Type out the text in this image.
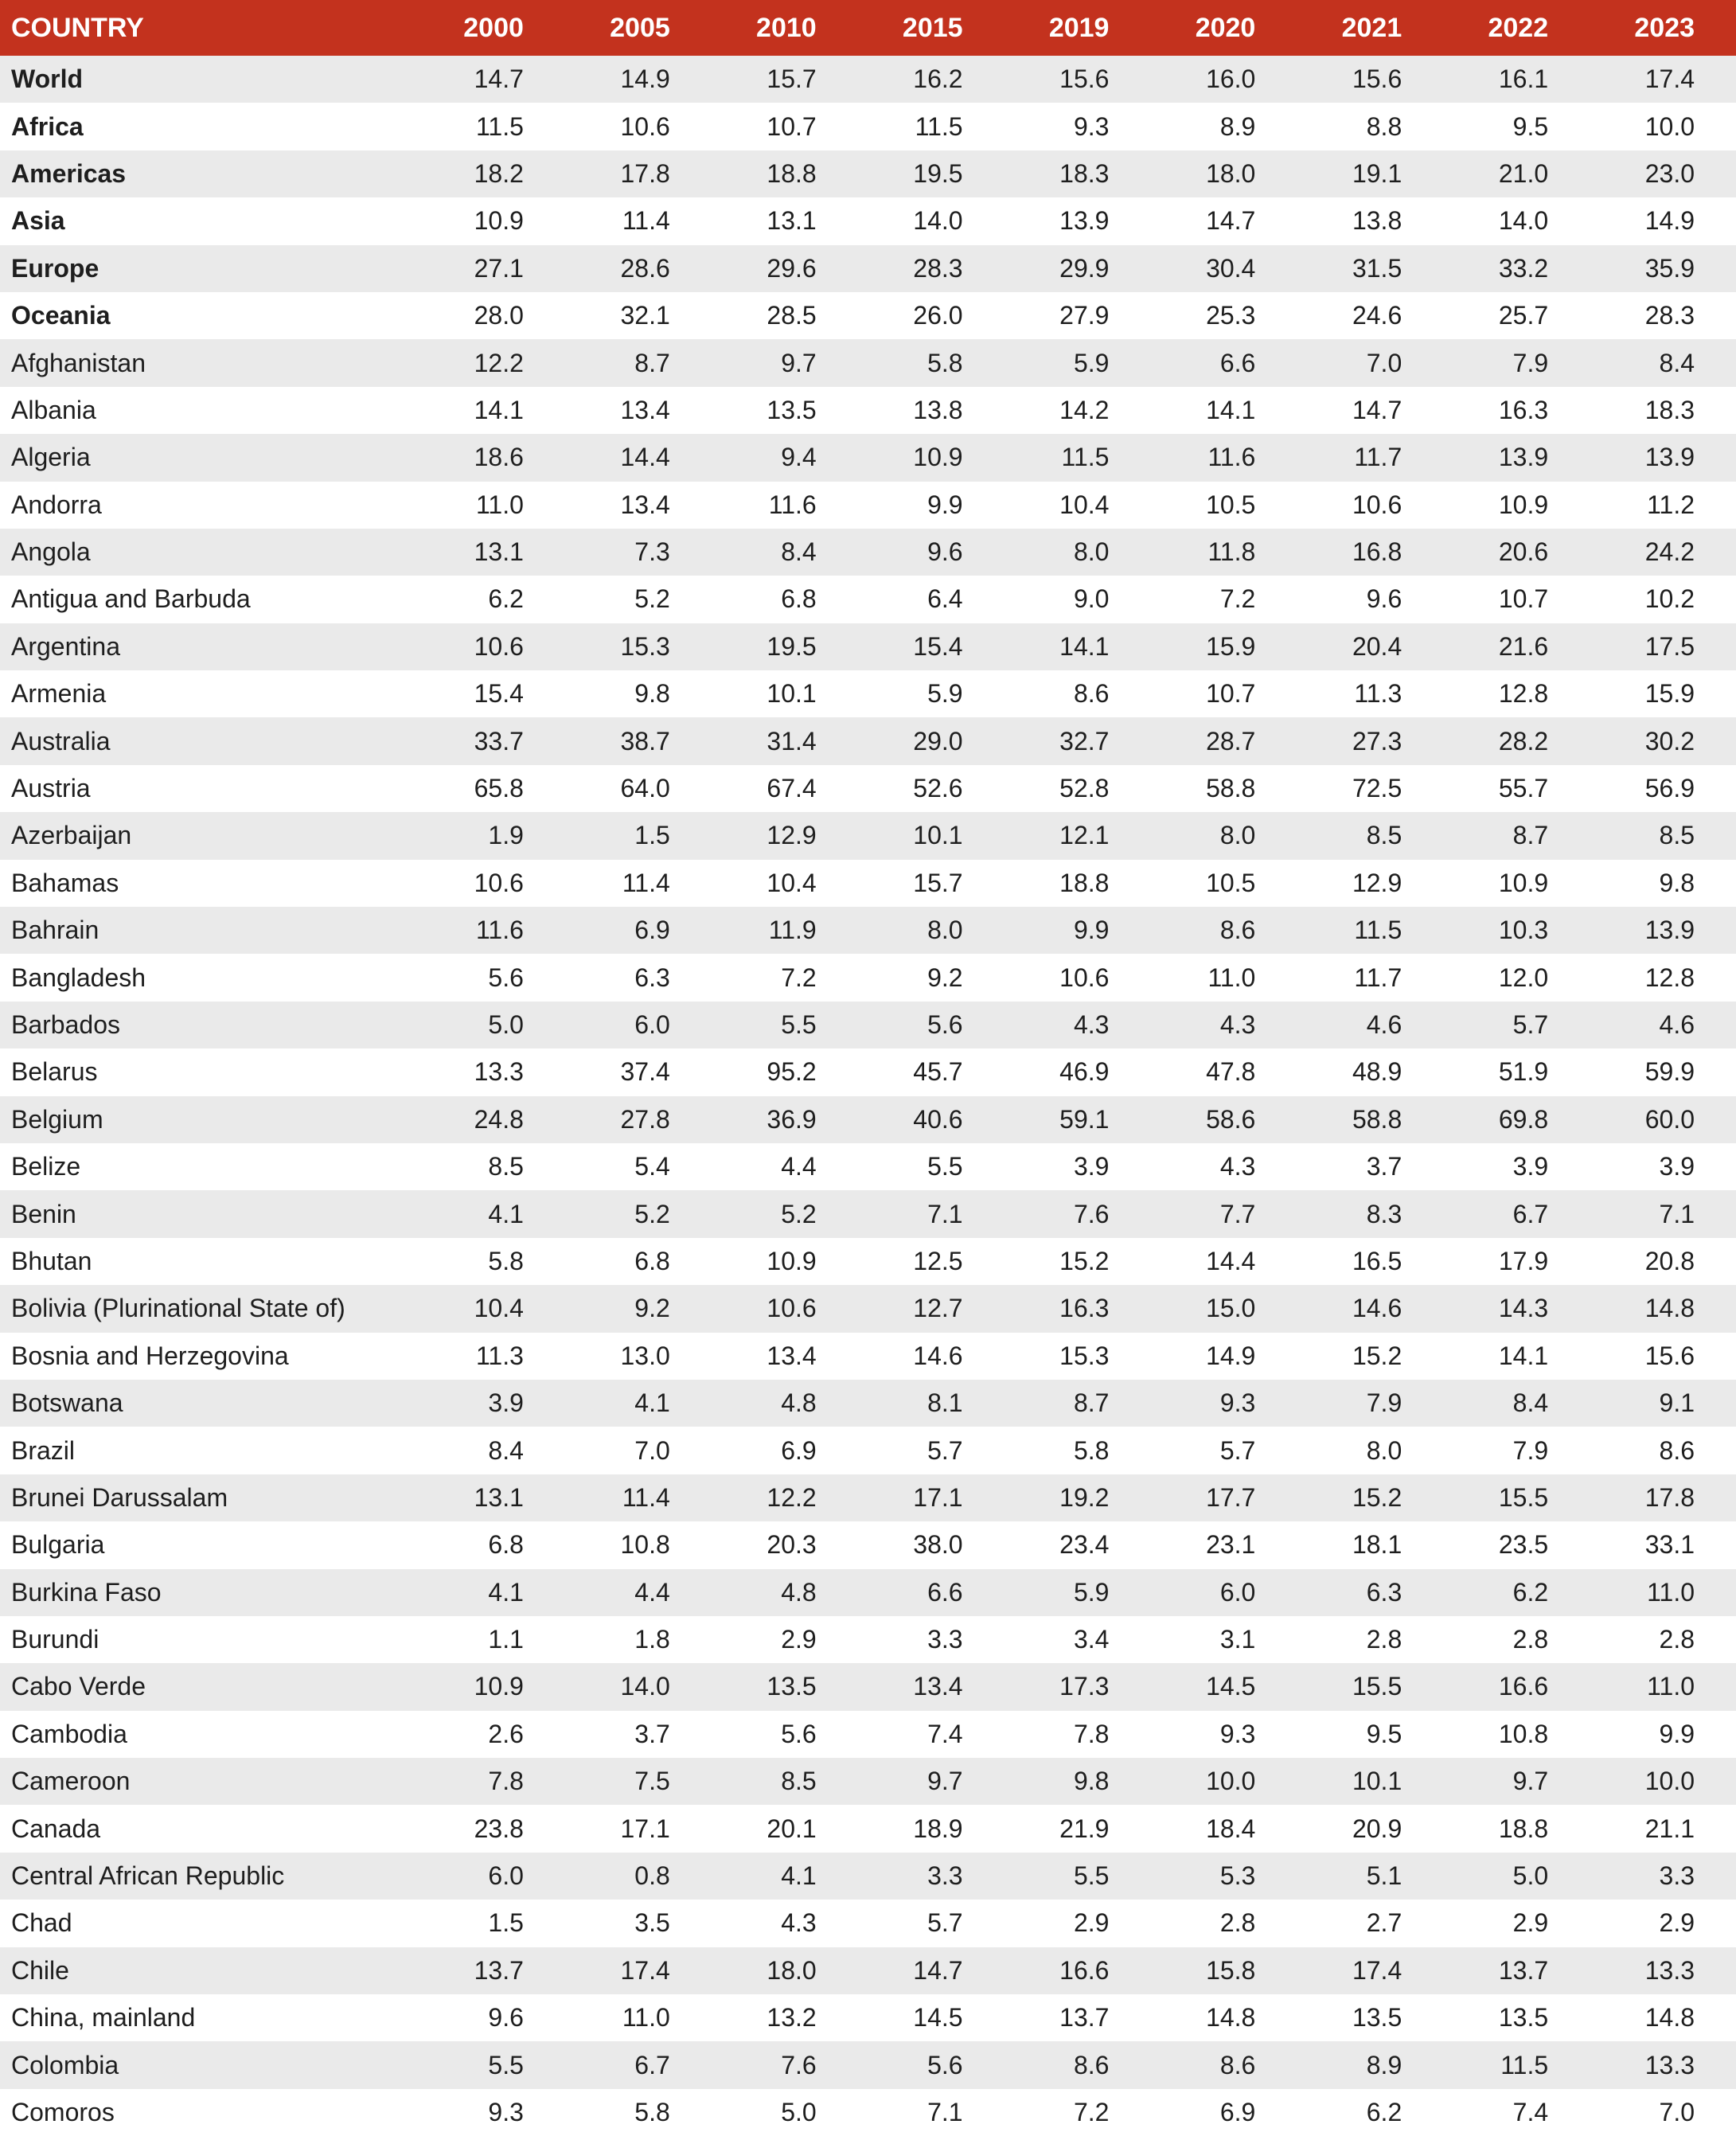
COUNTRY	2000	2005	2010	2015	2019	2020	2021	2022	2023
World	14.7	14.9	15.7	16.2	15.6	16.0	15.6	16.1	17.4
Africa	11.5	10.6	10.7	11.5	9.3	8.9	8.8	9.5	10.0
Americas	18.2	17.8	18.8	19.5	18.3	18.0	19.1	21.0	23.0
Asia	10.9	11.4	13.1	14.0	13.9	14.7	13.8	14.0	14.9
Europe	27.1	28.6	29.6	28.3	29.9	30.4	31.5	33.2	35.9
Oceania	28.0	32.1	28.5	26.0	27.9	25.3	24.6	25.7	28.3
Afghanistan	12.2	8.7	9.7	5.8	5.9	6.6	7.0	7.9	8.4
Albania	14.1	13.4	13.5	13.8	14.2	14.1	14.7	16.3	18.3
Algeria	18.6	14.4	9.4	10.9	11.5	11.6	11.7	13.9	13.9
Andorra	11.0	13.4	11.6	9.9	10.4	10.5	10.6	10.9	11.2
Angola	13.1	7.3	8.4	9.6	8.0	11.8	16.8	20.6	24.2
Antigua and Barbuda	6.2	5.2	6.8	6.4	9.0	7.2	9.6	10.7	10.2
Argentina	10.6	15.3	19.5	15.4	14.1	15.9	20.4	21.6	17.5
Armenia	15.4	9.8	10.1	5.9	8.6	10.7	11.3	12.8	15.9
Australia	33.7	38.7	31.4	29.0	32.7	28.7	27.3	28.2	30.2
Austria	65.8	64.0	67.4	52.6	52.8	58.8	72.5	55.7	56.9
Azerbaijan	1.9	1.5	12.9	10.1	12.1	8.0	8.5	8.7	8.5
Bahamas	10.6	11.4	10.4	15.7	18.8	10.5	12.9	10.9	9.8
Bahrain	11.6	6.9	11.9	8.0	9.9	8.6	11.5	10.3	13.9
Bangladesh	5.6	6.3	7.2	9.2	10.6	11.0	11.7	12.0	12.8
Barbados	5.0	6.0	5.5	5.6	4.3	4.3	4.6	5.7	4.6
Belarus	13.3	37.4	95.2	45.7	46.9	47.8	48.9	51.9	59.9
Belgium	24.8	27.8	36.9	40.6	59.1	58.6	58.8	69.8	60.0
Belize	8.5	5.4	4.4	5.5	3.9	4.3	3.7	3.9	3.9
Benin	4.1	5.2	5.2	7.1	7.6	7.7	8.3	6.7	7.1
Bhutan	5.8	6.8	10.9	12.5	15.2	14.4	16.5	17.9	20.8
Bolivia (Plurinational State of)	10.4	9.2	10.6	12.7	16.3	15.0	14.6	14.3	14.8
Bosnia and Herzegovina	11.3	13.0	13.4	14.6	15.3	14.9	15.2	14.1	15.6
Botswana	3.9	4.1	4.8	8.1	8.7	9.3	7.9	8.4	9.1
Brazil	8.4	7.0	6.9	5.7	5.8	5.7	8.0	7.9	8.6
Brunei Darussalam	13.1	11.4	12.2	17.1	19.2	17.7	15.2	15.5	17.8
Bulgaria	6.8	10.8	20.3	38.0	23.4	23.1	18.1	23.5	33.1
Burkina Faso	4.1	4.4	4.8	6.6	5.9	6.0	6.3	6.2	11.0
Burundi	1.1	1.8	2.9	3.3	3.4	3.1	2.8	2.8	2.8
Cabo Verde	10.9	14.0	13.5	13.4	17.3	14.5	15.5	16.6	11.0
Cambodia	2.6	3.7	5.6	7.4	7.8	9.3	9.5	10.8	9.9
Cameroon	7.8	7.5	8.5	9.7	9.8	10.0	10.1	9.7	10.0
Canada	23.8	17.1	20.1	18.9	21.9	18.4	20.9	18.8	21.1
Central African Republic	6.0	0.8	4.1	3.3	5.5	5.3	5.1	5.0	3.3
Chad	1.5	3.5	4.3	5.7	2.9	2.8	2.7	2.9	2.9
Chile	13.7	17.4	18.0	14.7	16.6	15.8	17.4	13.7	13.3
China, mainland	9.6	11.0	13.2	14.5	13.7	14.8	13.5	13.5	14.8
Colombia	5.5	6.7	7.6	5.6	8.6	8.6	8.9	11.5	13.3
Comoros	9.3	5.8	5.0	7.1	7.2	6.9	6.2	7.4	7.0
